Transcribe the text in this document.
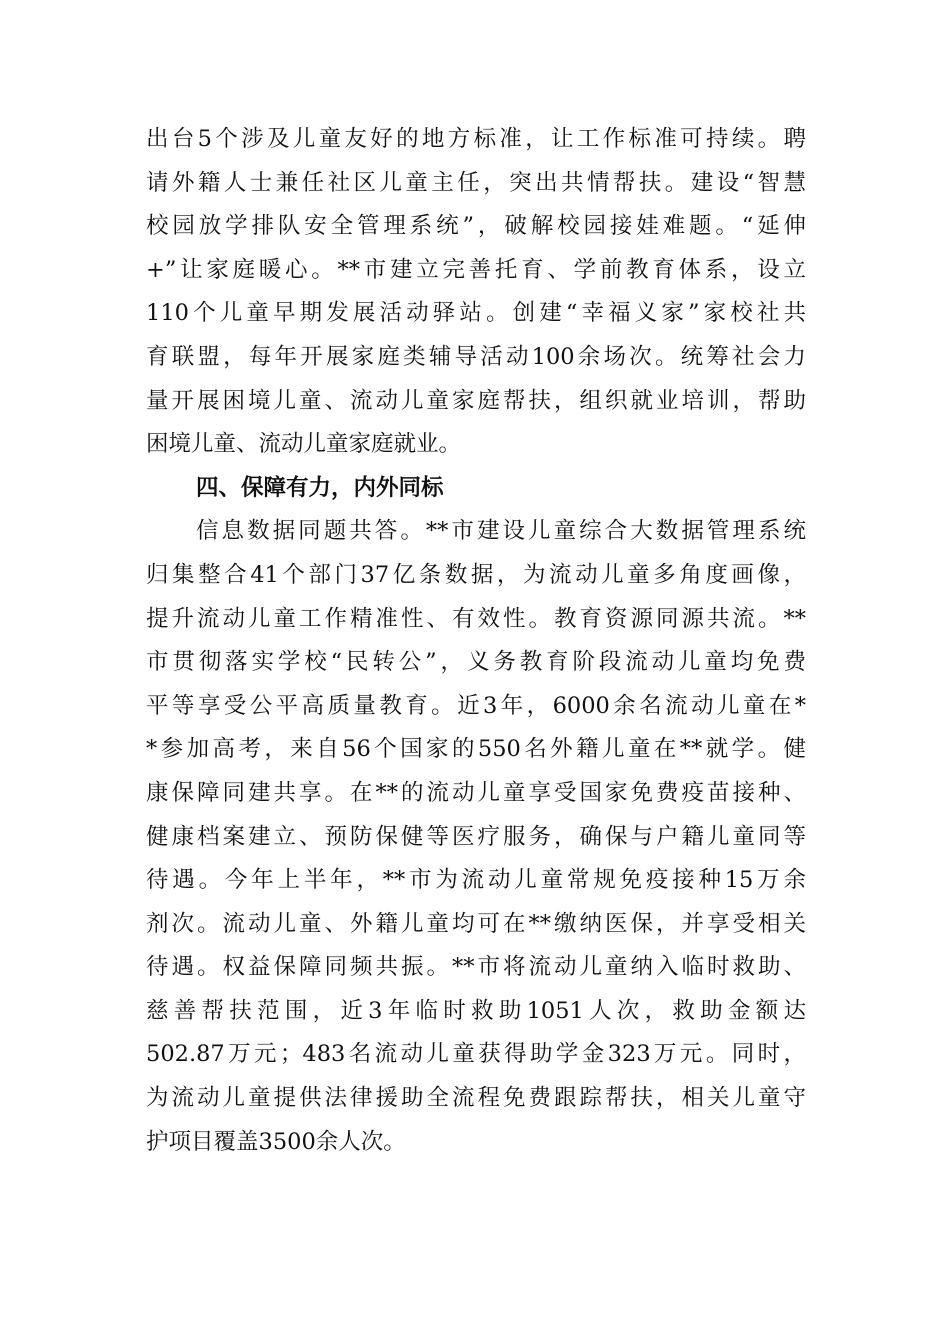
出台5个涉及儿童友好的地方标准，让工作标准可持续。聘
请外籍人士兼任社区儿童主任，突出共情帮扶。建设“智慧
校园放学排队安全管理系统”，破解校园接娃难题。“延伸
+”让家庭暖心。**市建立完善托育、学前教育体系，设立
110个儿童早期发展活动驿站。创建“幸福义家”家校社共
育联盟，每年开展家庭类辅导活动100余场次。统筹社会力
量开展困境儿童、流动儿童家庭帮扶，组织就业培训，帮助
困境儿童、流动儿童家庭就业。
四、保障有力，内外同标
信息数据同题共答。**市建设儿童综合大数据管理系统
归集整合41个部门37亿条数据，为流动儿童多角度画像，
提升流动儿童工作精准性、有效性。教育资源同源共流。**
市贯彻落实学校“民转公”，义务教育阶段流动儿童均免费
平等享受公平高质量教育。近3年，6000余名流动儿童在*
*参加高考，来自56个国家的550名外籍儿童在**就学。健
康保障同建共享。在**的流动儿童享受国家免费疫苗接种、
健康档案建立、预防保健等医疗服务，确保与户籍儿童同等
待遇。今年上半年，**市为流动儿童常规免疫接种15万余
剂次。流动儿童、外籍儿童均可在**缴纳医保，并享受相关
待遇。权益保障同频共振。**市将流动儿童纳入临时救助、
慈善帮扶范围，近3年临时救助1051人次，救助金额达
502.87万元；483名流动儿童获得助学金323万元。同时，
为流动儿童提供法律援助全流程免费跟踪帮扶，相关儿童守
护项目覆盖3500余人次。
